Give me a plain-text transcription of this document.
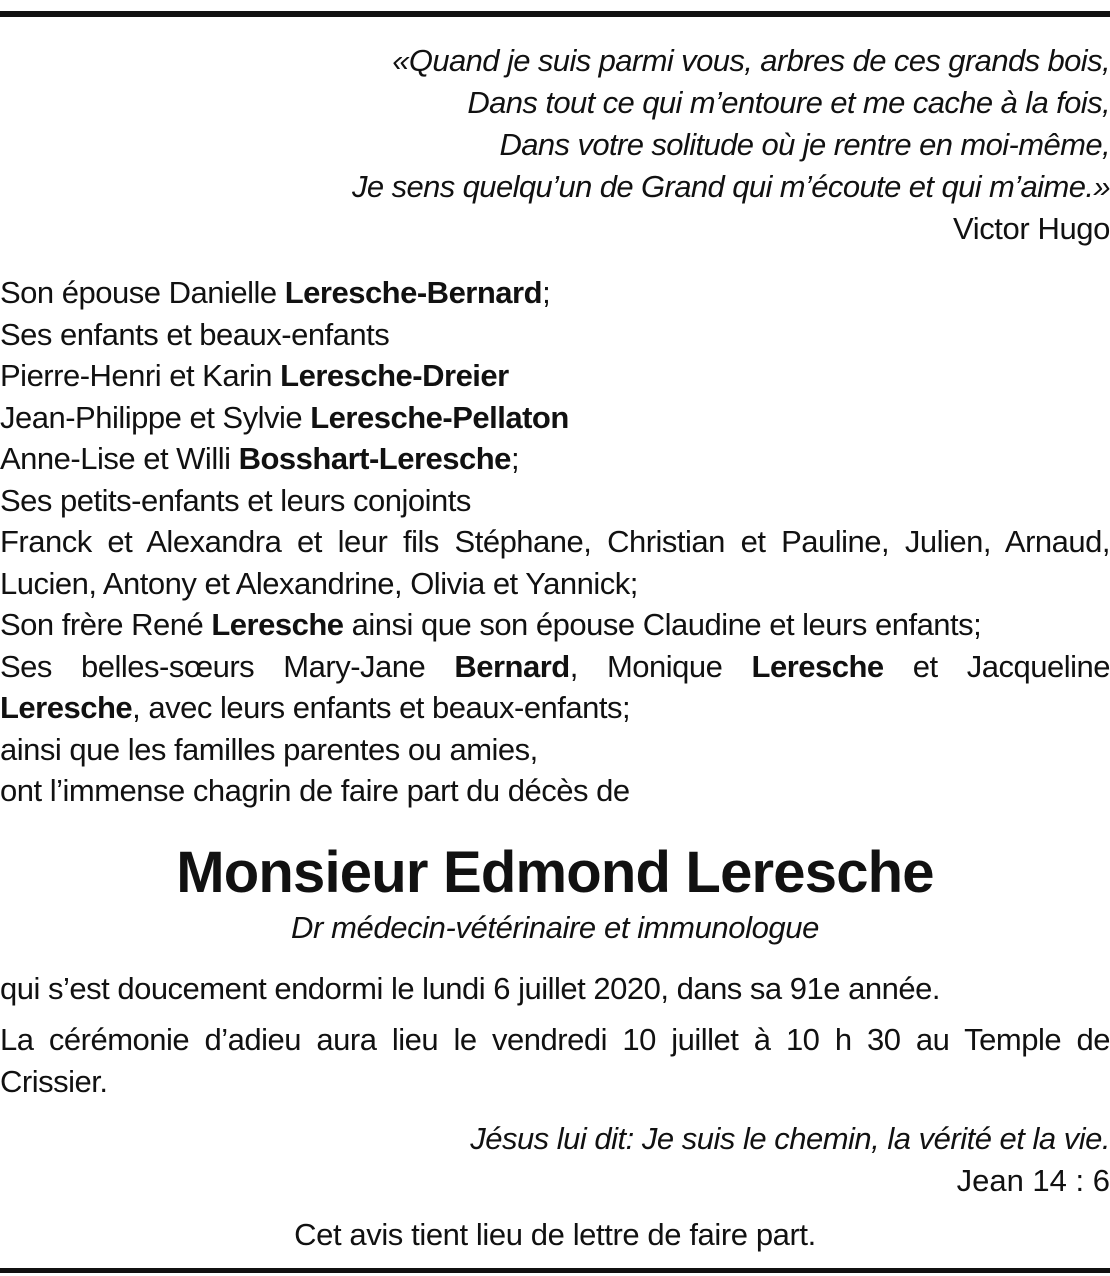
«Quand je suis parmi vous, arbres de ces grands bois,
Dans tout ce qui m’entoure et me cache à la fois,
Dans votre solitude où je rentre en moi-même,
Je sens quelqu’un de Grand qui m’écoute et qui m’aime.»
Victor Hugo
Son épouse Danielle Leresche-Bernard;
Ses enfants et beaux-enfants
Pierre-Henri et Karin Leresche-Dreier
Jean-Philippe et Sylvie Leresche-Pellaton
Anne-Lise et Willi Bosshart-Leresche;
Ses petits-enfants et leurs conjoints
Franck et Alexandra et leur fils Stéphane, Christian et Pauline, Julien, Arnaud,
Lucien, Antony et Alexandrine, Olivia et Yannick;
Son frère René Leresche ainsi que son épouse Claudine et leurs enfants;
Ses belles-sœurs Mary-Jane Bernard, Monique Leresche et Jacqueline
Leresche, avec leurs enfants et beaux-enfants;
ainsi que les familles parentes ou amies,
ont l’immense chagrin de faire part du décès de
Monsieur Edmond Leresche
Dr médecin-vétérinaire et immunologue
qui s’est doucement endormi le lundi 6 juillet 2020, dans sa 91e année.
La cérémonie d’adieu aura lieu le vendredi 10 juillet à 10 h 30 au Temple de Crissier.
Jésus lui dit: Je suis le chemin, la vérité et la vie.
Jean 14 : 6
Cet avis tient lieu de lettre de faire part.
